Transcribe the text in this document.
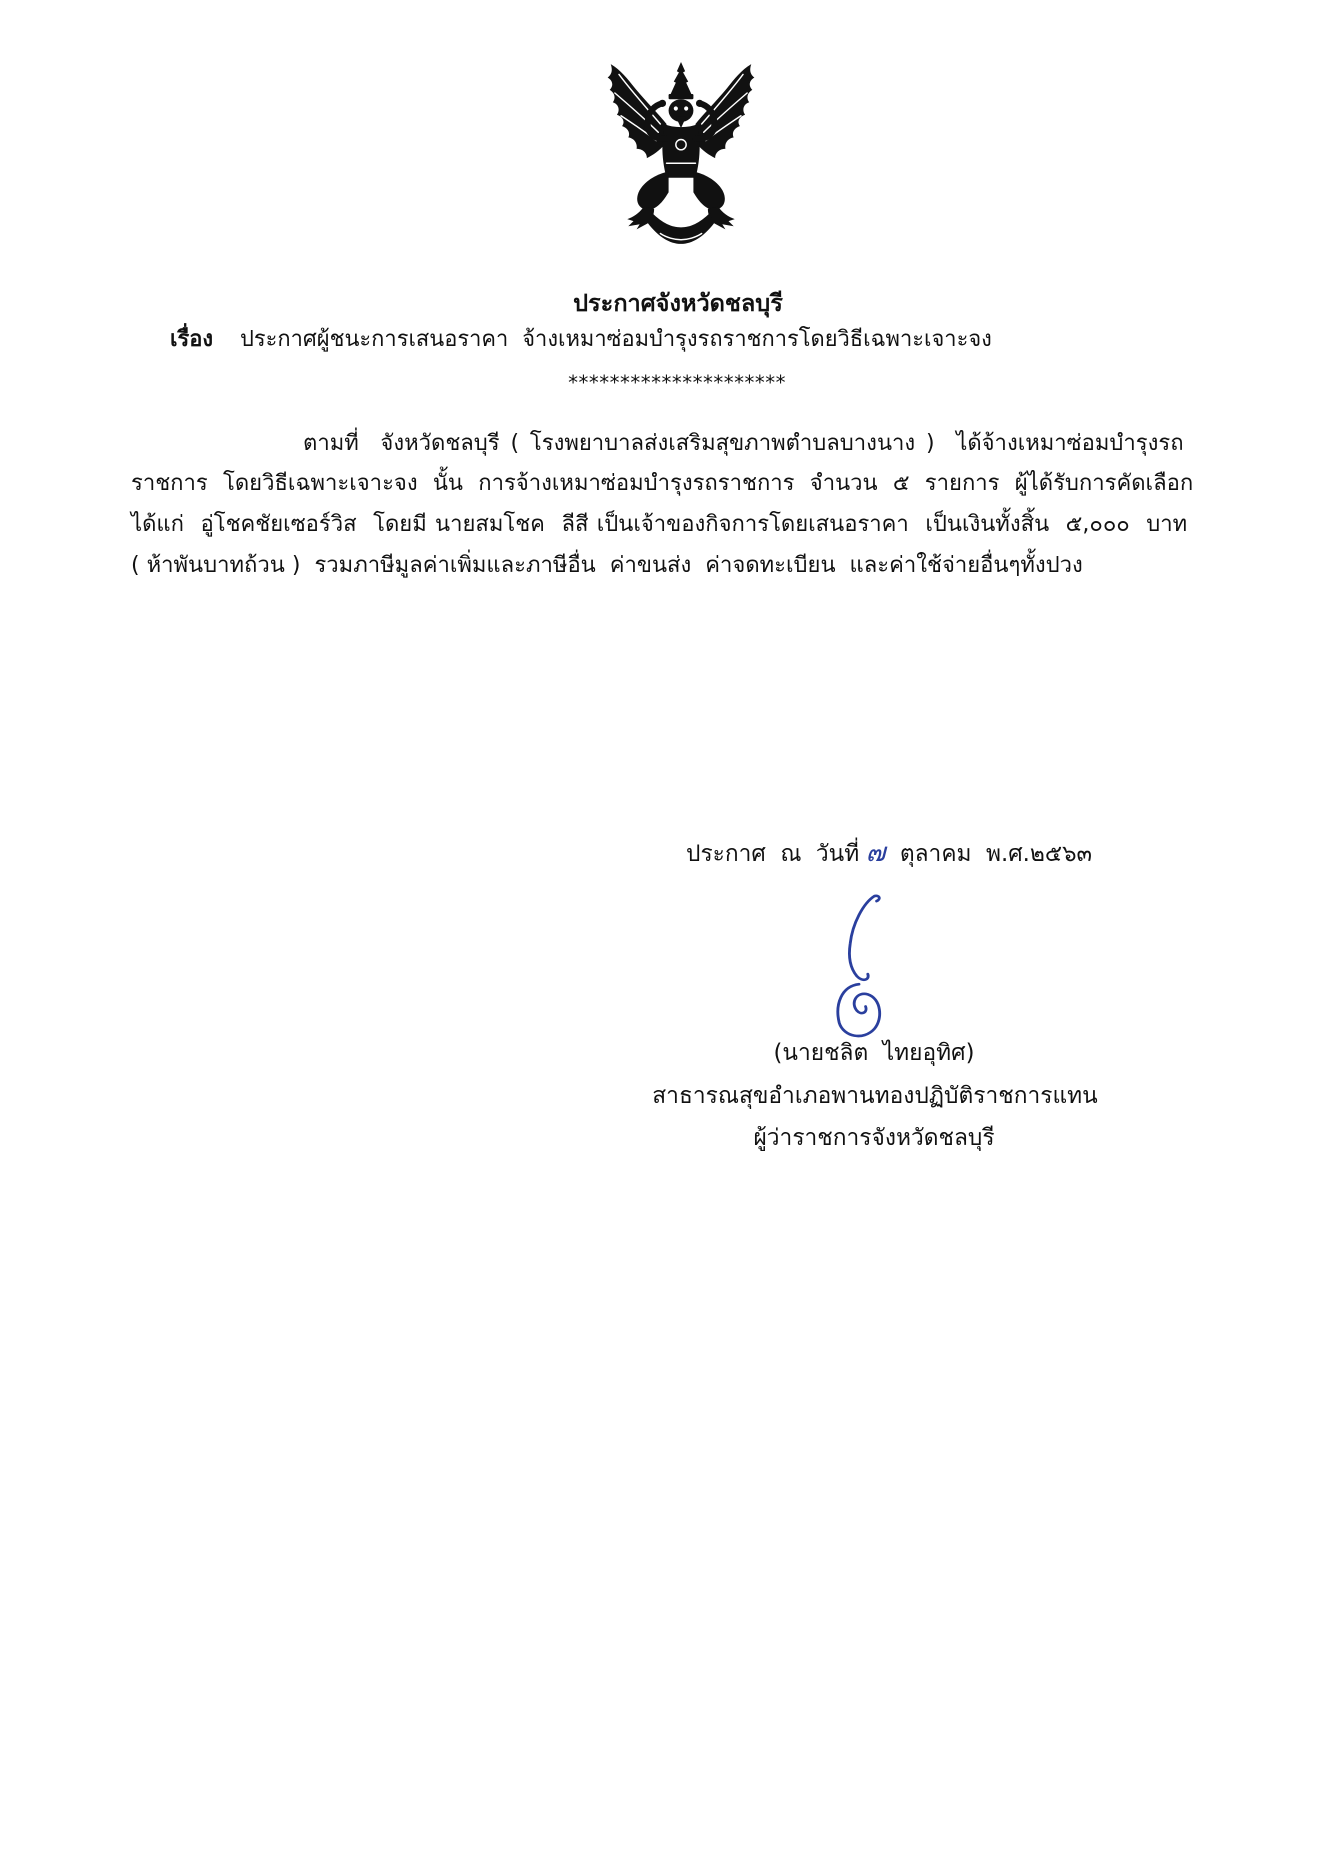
ประกาศจังหวัดชลบุรี
เรื่อง	ประกาศผู้ชนะการเสนอราคา  จ้างเหมาซ่อมบำรุงรถราชการโดยวิธีเฉพาะเจาะจง
*********************
ตามที่  จังหวัดชลบุรี ( โรงพยาบาลส่งเสริมสุขภาพตำบลบางนาง )  ได้จ้างเหมาซ่อมบำรุงรถ
ราชการ  โดยวิธีเฉพาะเจาะจง  นั้น  การจ้างเหมาซ่อมบำรุงรถราชการ  จำนวน  ๕  รายการ  ผู้ได้รับการคัดเลือก
ได้แก่  อู่โชคชัยเซอร์วิส  โดยมี นายสมโชค  ลีสี เป็นเจ้าของกิจการโดยเสนอราคา  เป็นเงินทั้งสิ้น  ๕,๐๐๐  บาท
( ห้าพันบาทถ้วน )  รวมภาษีมูลค่าเพิ่มและภาษีอื่น  ค่าขนส่ง  ค่าจดทะเบียน  และค่าใช้จ่ายอื่นๆทั้งปวง
ประกาศ  ณ  วันที่ ๗ ตุลาคม  พ.ศ.๒๕๖๓
(นายชลิต  ไทยอุทิศ)
สาธารณสุขอำเภอพานทองปฏิบัติราชการแทน
ผู้ว่าราชการจังหวัดชลบุรี
